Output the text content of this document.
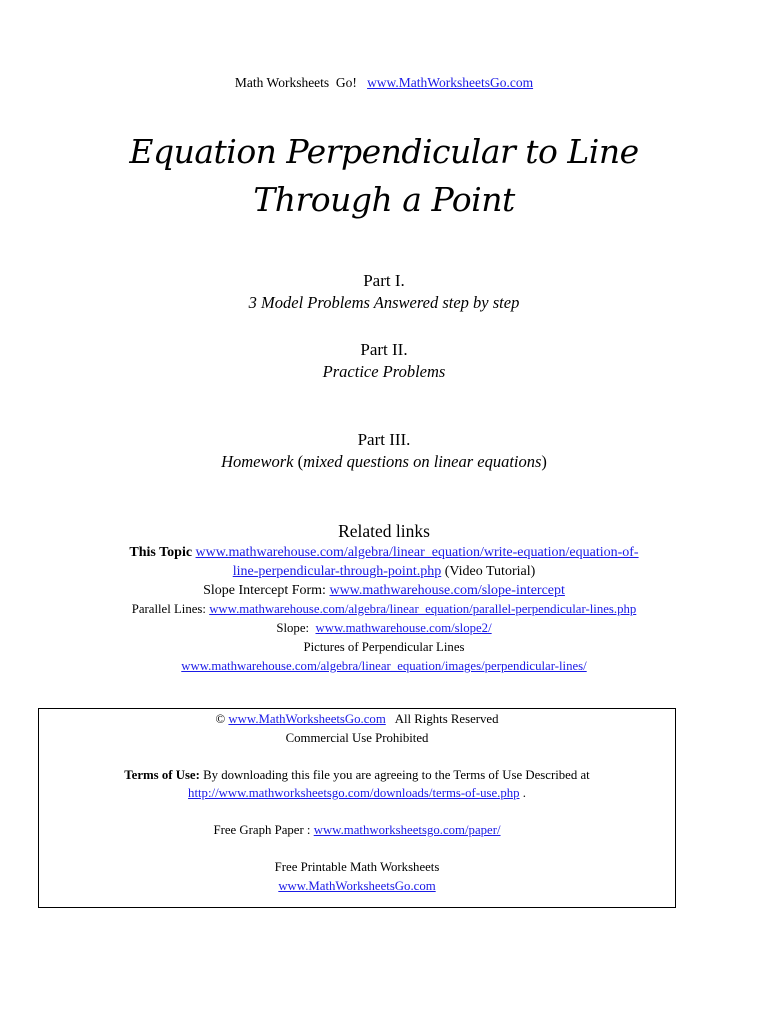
Math Worksheets  Go! www.MathWorksheetsGo.com
Equation Perpendicular to Line Through a Point
Part I.
3 Model Problems Answered step by step
Part II.
Practice Problems
Part III.
Homework (mixed questions on linear equations)
Related links
This Topic www.mathwarehouse.com/algebra/linear_equation/write-equation/equation-of-
line-perpendicular-through-point.php (Video Tutorial)
Slope Intercept Form: www.mathwarehouse.com/slope-intercept
Parallel Lines: www.mathwarehouse.com/algebra/linear_equation/parallel-perpendicular-lines.php
Slope: www.mathwarehouse.com/slope2/
Pictures of Perpendicular Lines
www.mathwarehouse.com/algebra/linear_equation/images/perpendicular-lines/
© www.MathWorksheetsGo.com All Rights Reserved
Commercial Use Prohibited
Terms of Use: By downloading this file you are agreeing to the Terms of Use Described at
http://www.mathworksheetsgo.com/downloads/terms-of-use.php .
Free Graph Paper : www.mathworksheetsgo.com/paper/
Free Printable Math Worksheets
www.MathWorksheetsGo.com
